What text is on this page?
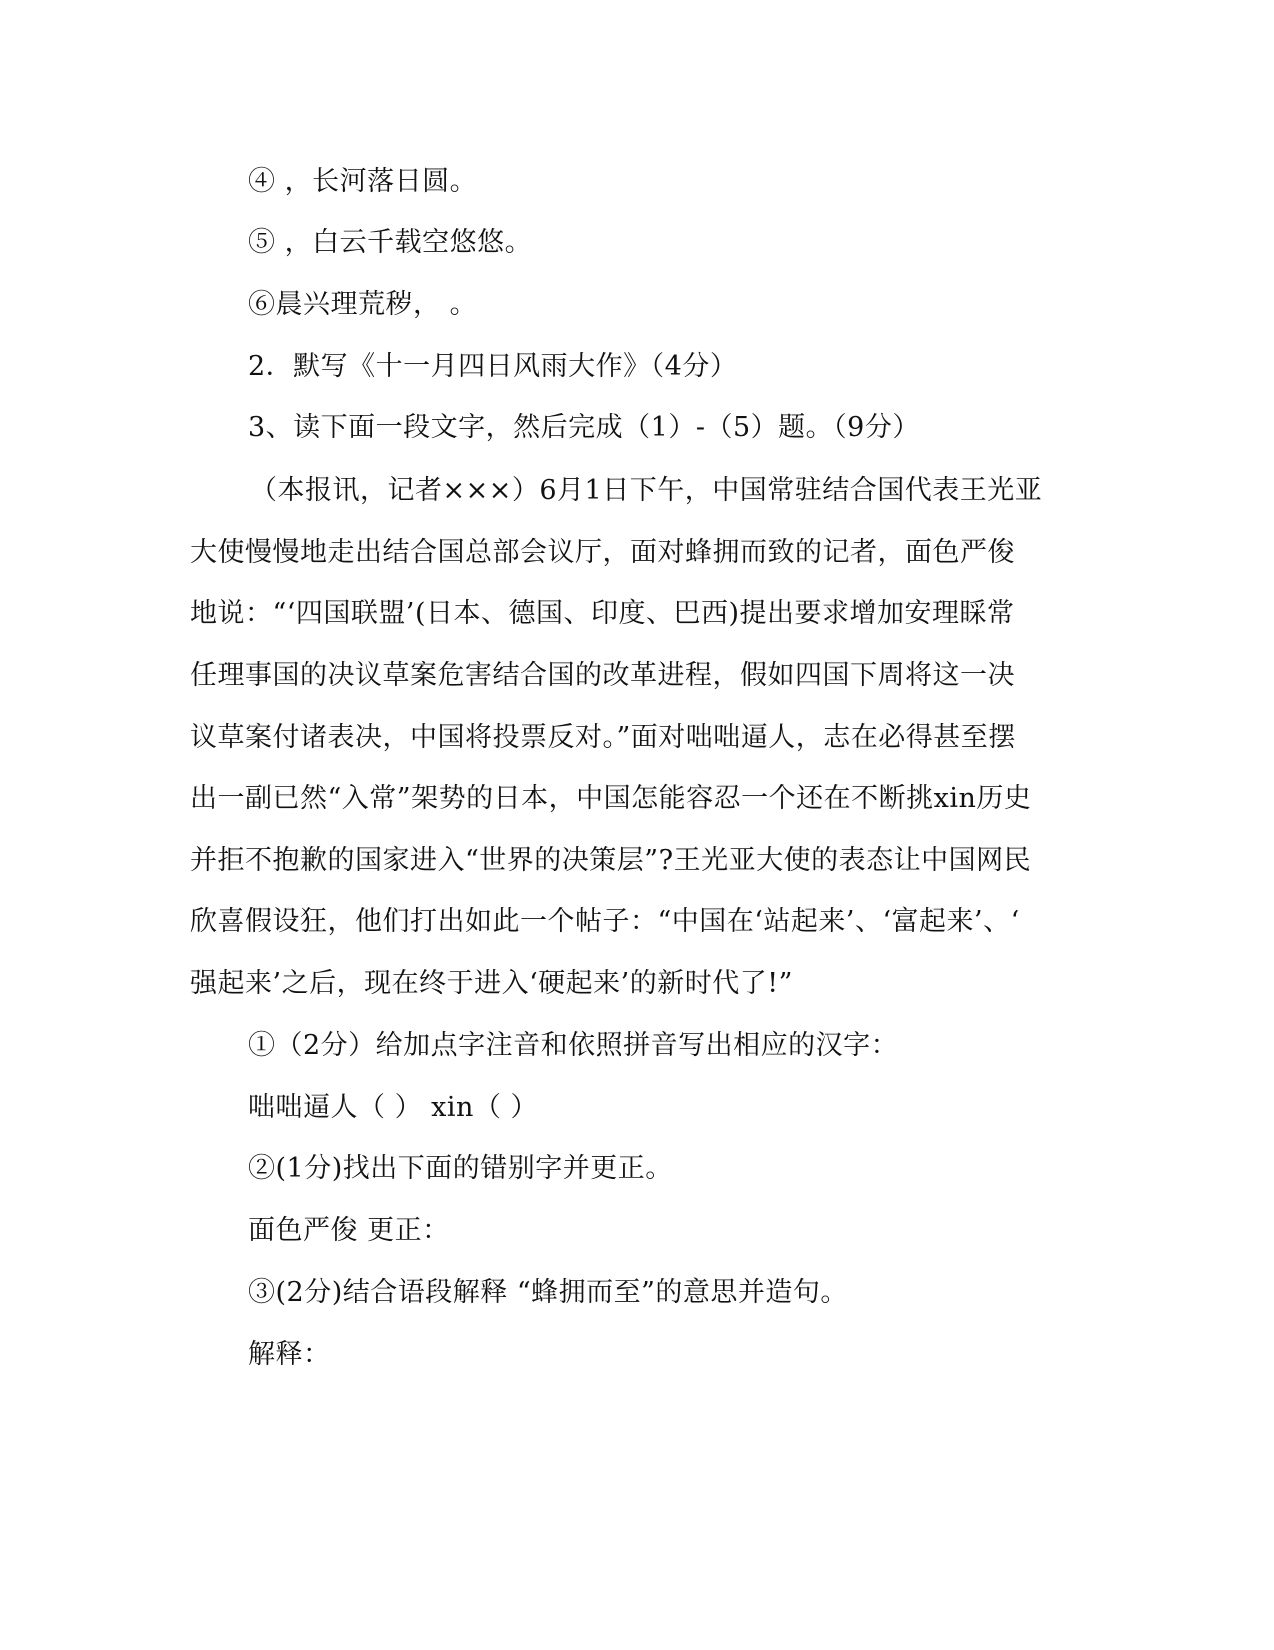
④ ，长河落日圆。
⑤ ，白云千载空悠悠。
⑥晨兴理荒秽， 。
2．默写《十一月四日风雨大作》（4分）
3、读下面一段文字，然后完成（1）-（5）题。（9分）
（本报讯，记者×××）6月1日下午，中国常驻结合国代表王光亚
大使慢慢地走出结合国总部会议厅，面对蜂拥而致的记者，面色严俊
地说：“‘四国联盟’(日本、德国、印度、巴西)提出要求增加安理睬常
任理事国的决议草案危害结合国的改革进程，假如四国下周将这一决
议草案付诸表决，中国将投票反对。”面对咄咄逼人，志在必得甚至摆
出一副已然“入常”架势的日本，中国怎能容忍一个还在不断挑xin历史
并拒不抱歉的国家进入“世界的决策层”?王光亚大使的表态让中国网民
欣喜假设狂，他们打出如此一个帖子：“中国在‘站起来’、‘富起来’、‘
强起来’之后，现在终于进入‘硬起来’的新时代了!”
①（2分）给加点字注音和依照拼音写出相应的汉字：
咄咄逼人（ ） xin（ ）
②(1分)找出下面的错别字并更正。
面色严俊 更正：
③(2分)结合语段解释 “蜂拥而至”的意思并造句。
解释：
